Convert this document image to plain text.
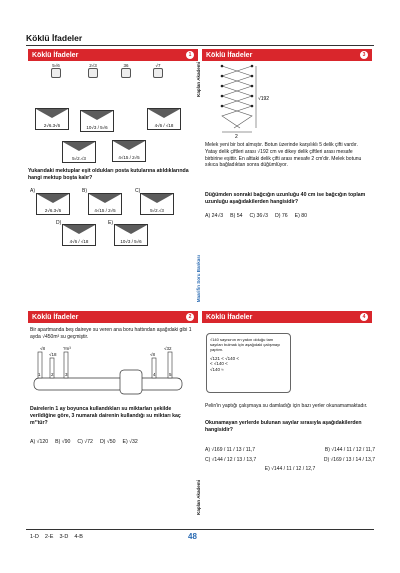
Köklü İfadeler
Köklü İfadeler	1
5√6	2√3	36	√7
2√6.3√6	10√3 / 5√6	4√6 / √18
5√2.√3	4√15 / 2√5
Yukarıdaki mektuplar eşit oldukları posta kutularına atıldıklarında hangi mektup boşta kalır?
A)
2√6.3√6
B)
4√15 / 2√5
C)
5√2.√3
D)
4√6 / √18
E)
10√3 / 5√6
Kaplan Akademi
Maarifin Soru Bankası
Kaplan Akademi
Köklü İfadeler	3
√192
2
Melek yeni bir bot almıştır. Botun üzerinde karşılıklı 5 delik çifti vardır. Yatay delik çiftleri arası √192 cm ve dikey delik çiftleri arası mesafe birbirine eşittir. En alttaki delik çifti arası mesafe 2 cm'dir. Melek botunu sıkıca bağladıktan sonra düğümlüyor.
Düğümden sonraki bağcığın uzunluğu 40 cm ise bağcığın toplam uzunluğu aşağıdakilerden hangisidir?
A) 24√3 B) 54 C) 36√3 D) 76 E) 80
Köklü İfadeler	2
Bir apartmanda beş daireye su veren ana boru hattından aşağıdaki gibi 1 ayda √450m³ su geçmiştir.
√8
√18
?m³
√8
√32
1 2	3	4	5
Dairelerin 1 ay boyunca kullandıkları su miktarları şekilde verildiğine göre, 3 numaralı dairenin kullandığı su miktarı kaç m³'tür?
A) √120 B) √90 C) √72 D) √50 E) √32
Köklü İfadeler	4
√140 sayısının en yakın olduğu tam sayıları bulmak için aşağıdaki çalışmayı yaptım.
√121 < √140 <
< √140 <
√140 ≈
Pelin'in yaptığı çalışmaya su damladığı için bazı yerler okunamamaktadır.
Okunamayan yerlerde bulunan sayılar sırasıyla aşağıdakilerden hangisidir?
A) √169 / 11 / 13 / 11,7	B) √144 / 11 / 12 / 11,7
C) √144 / 12 / 13 / 13,7	D) √169 / 13 / 14 / 13,7
E) √144 / 11 / 12 / 12,7
1-D 2-E 3-D 4-B	48
